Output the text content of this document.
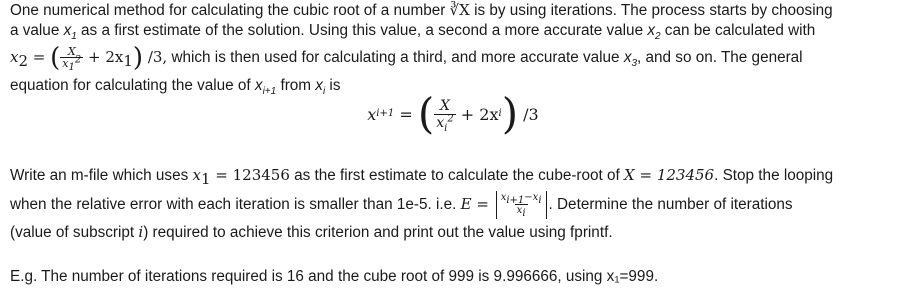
One numerical method for calculating the cubic root of a number ∛X is by using iterations. The process starts by choosing
a value $x_1$ as a first estimate of the solution. Using this value, a second a more accurate value $x_2$ can be calculated with
$x_2$ = ( $\frac{X}{x_1^2} + 2x_1$) /3, which is then used for calculating a third, and more accurate value $x_3$, and so on. The general
equation for calculating the value of $x_{i+1}$ from $x_i$ is
x i+1 = ( $\frac{X}{x_i^2} + 2x$ i ) /3
Write an m-file which uses $x_1 = 123456$ as the first estimate to calculate the cube-root of X = 123456. Stop the looping
when the relative error with each iteration is smaller than 1e-5. i.e. $E = \frac{x_{i+1}-x_i}{x_i}$ . Determine the number of iterations
(value of subscript i) required to achieve this criterion and print out the value using fprintf.
E.g. The number of iterations required is 16 and the cube root of 999 is 9.996666, using x₁=999.
